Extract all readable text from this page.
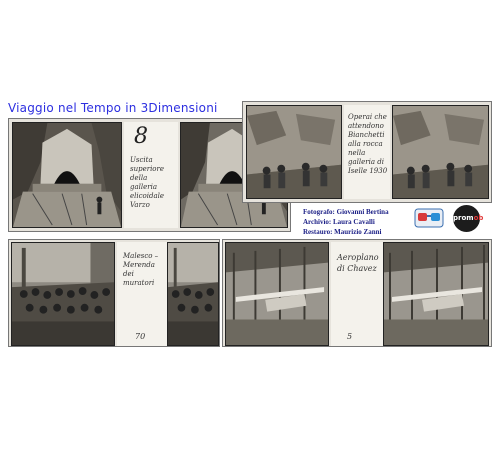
Viaggio nel Tempo in 3Dimensioni
8
Uscita superiore della galleria elicoidale Varzo
Operai che attendono Bianchetti alla rocca nella galleria di Iselle 1930
Fotografo: Giovanni Bertina
Archivio: Laura Cavalli
Restauro: Maurizio Zanni
promob
Malesco – Merenda dei muratori
70
Aeroplano di Chavez
5
